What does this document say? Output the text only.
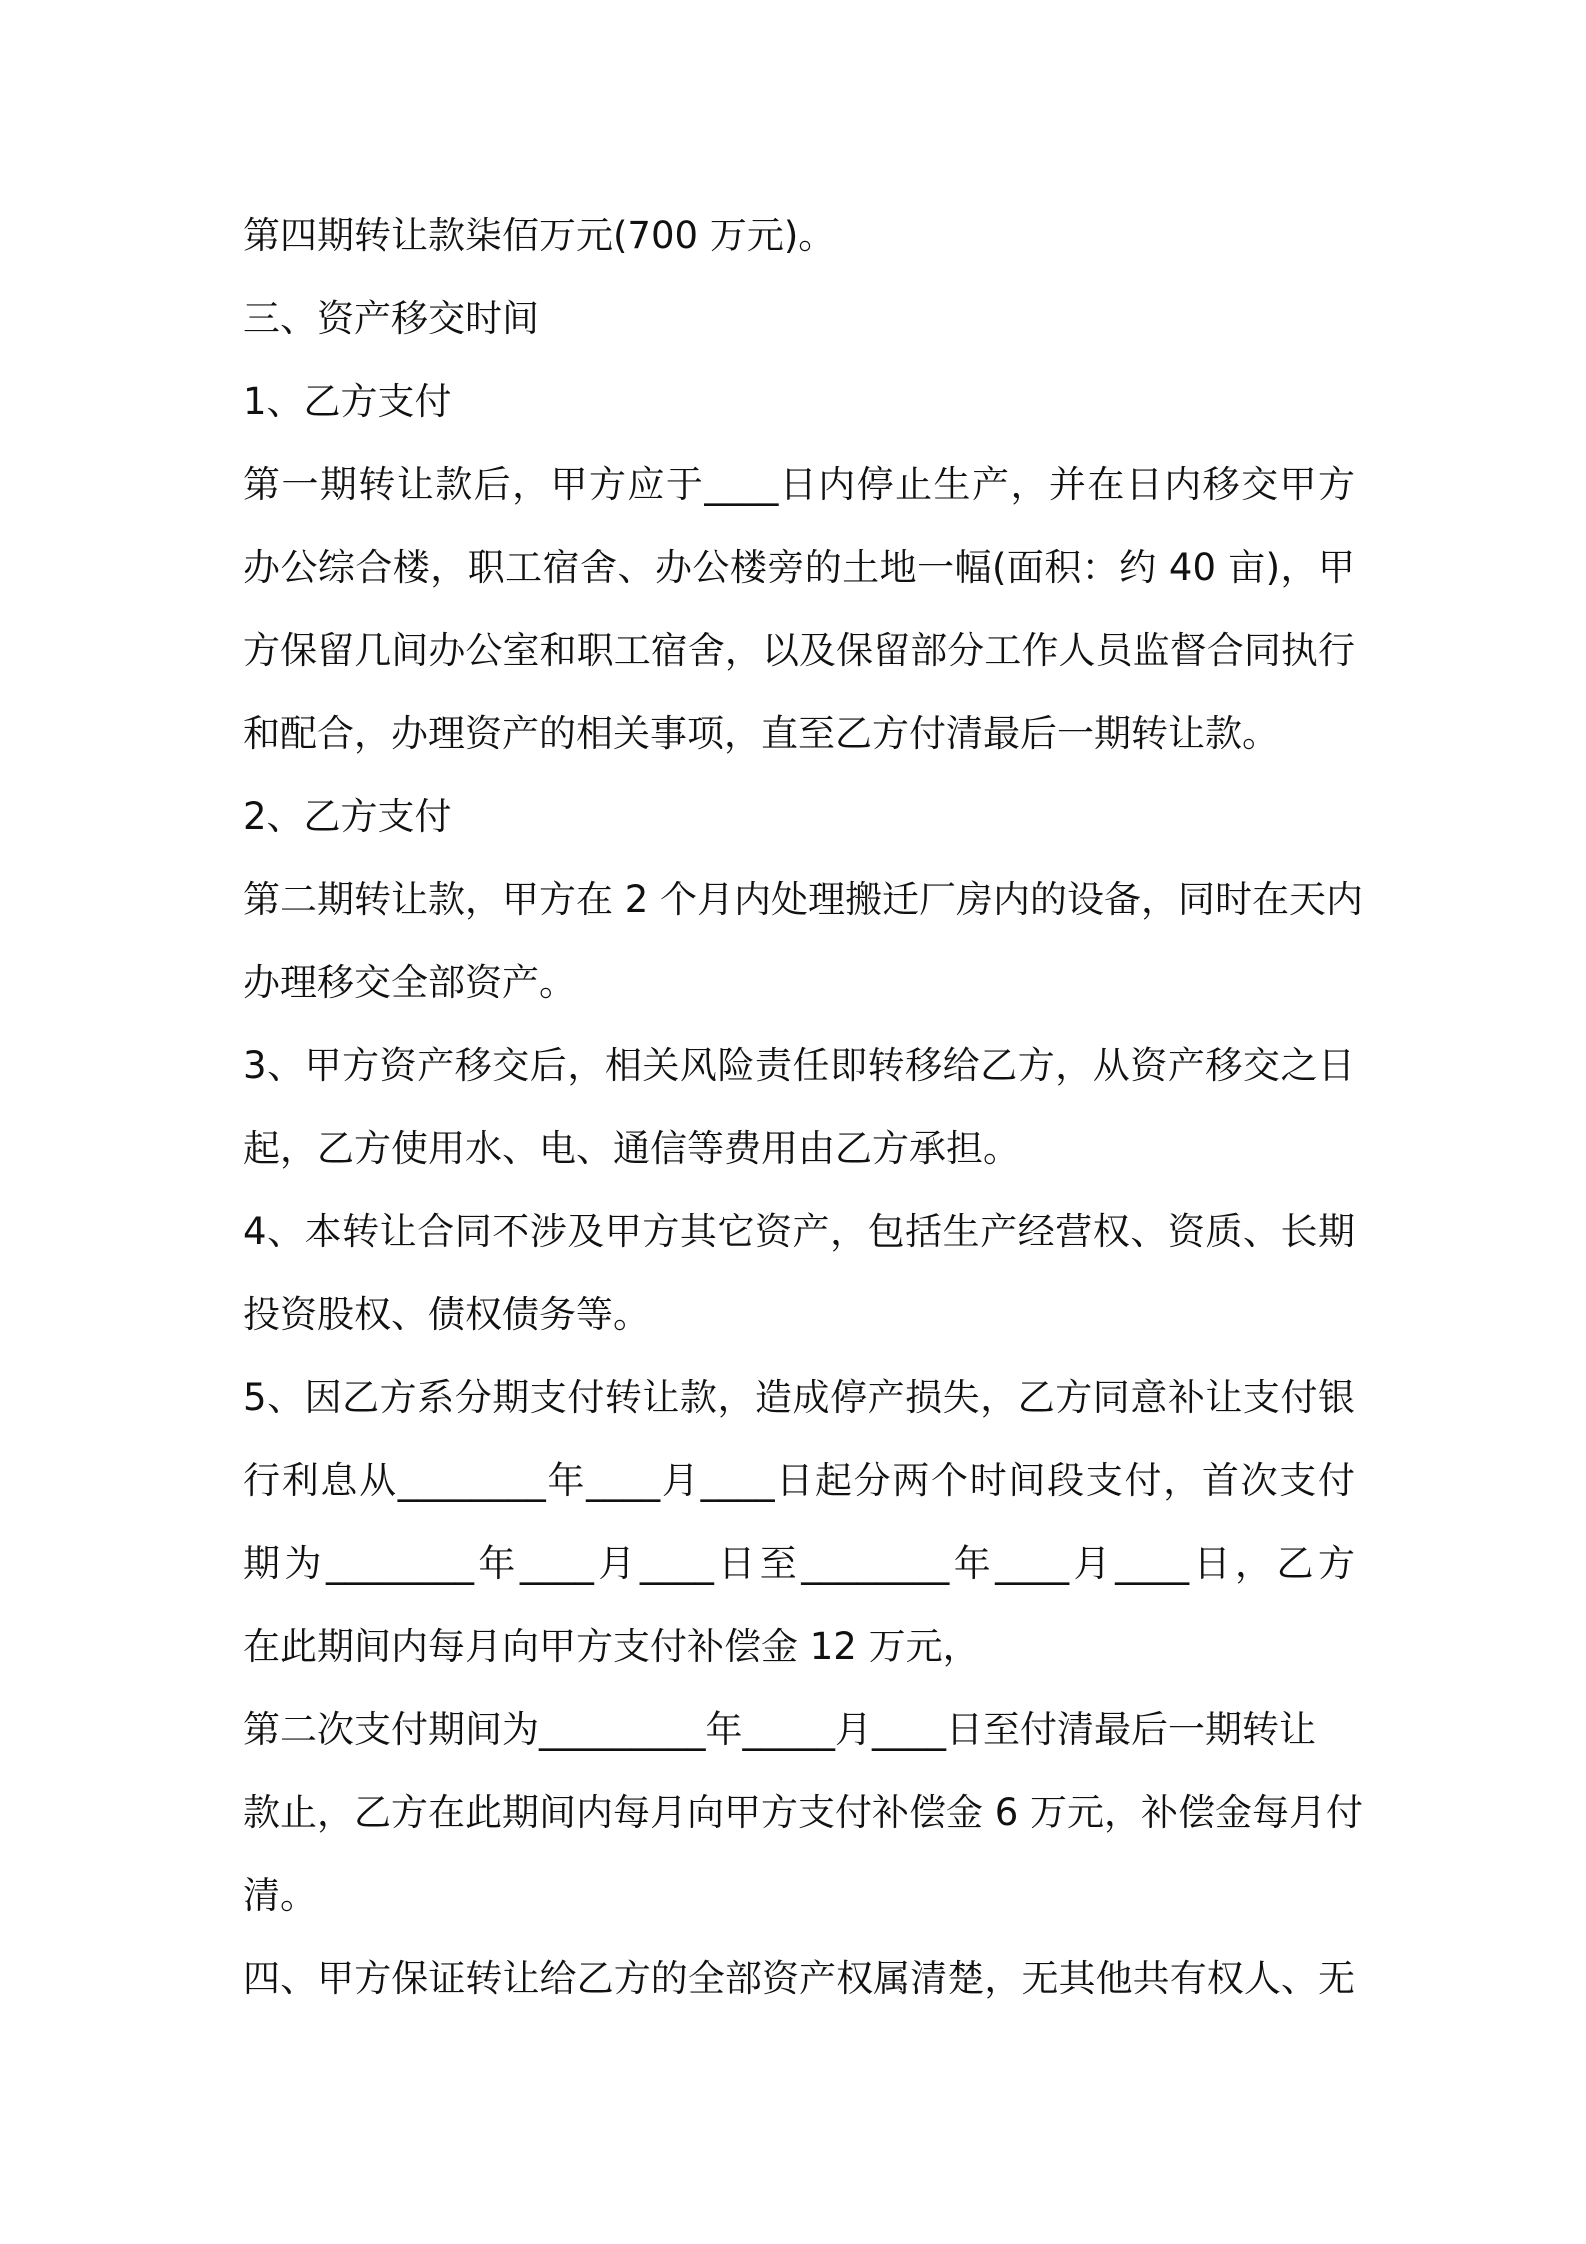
第四期转让款柒佰万元(700 万元)。
三、资产移交时间
1、乙方支付
第一期转让款后，甲方应于____日内停止生产，并在日内移交甲方
办公综合楼，职工宿舍、办公楼旁的土地一幅(面积：约 40 亩)，甲
方保留几间办公室和职工宿舍，以及保留部分工作人员监督合同执行
和配合，办理资产的相关事项，直至乙方付清最后一期转让款。
2、乙方支付
第二期转让款，甲方在 2 个月内处理搬迁厂房内的设备，同时在天内
办理移交全部资产。
3、甲方资产移交后，相关风险责任即转移给乙方，从资产移交之日
起，乙方使用水、电、通信等费用由乙方承担。
4、本转让合同不涉及甲方其它资产，包括生产经营权、资质、长期
投资股权、债权债务等。
5、因乙方系分期支付转让款，造成停产损失，乙方同意补让支付银
行利息从________年____月____日起分两个时间段支付，首次支付
期为________年____月____日至________年____月____日，乙方
在此期间内每月向甲方支付补偿金 12 万元，
第二次支付期间为_________年_____月____日至付清最后一期转让
款止，乙方在此期间内每月向甲方支付补偿金 6 万元，补偿金每月付
清。
四、甲方保证转让给乙方的全部资产权属清楚，无其他共有权人、无
